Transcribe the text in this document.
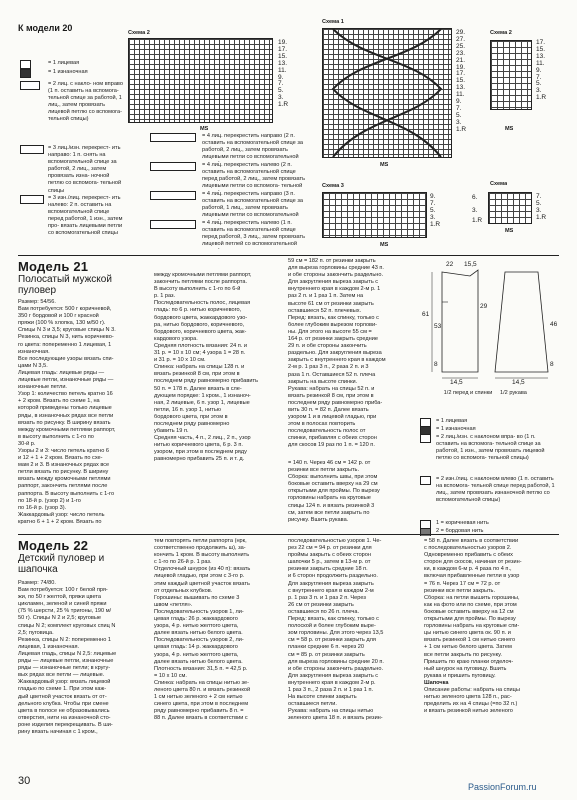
К модели 20
= 1 лицевая
= 1 изнаночная
= 2 лиц. с накло- ном вправо (1 п. оставить на вспомога- тельной спице за работой, 1 лиц., затем провязать лицевой петлю со вспомога- тельной спицы)
= 3 лиц./изн. перекрест- ить направо: 1 п. снять на вспомогательной спице за работой, 2 лиц., затем провязать изна- ночной петлю со вспомога- тельной спицы
= 3 изн./лиц. перекрест- ить налево: 2 п. оставить на вспомогательной спице перед работой, 1 изн., затем про- вязать лицевыми петли со вспомогательной спицы
Схема 2
19.
17.
15.
13.
11.
9.
7.
5.
3.
1.R
MS
= 4 лиц. перекрестить направо (2 п. оставить на вспомогательной спице за работой, 2 лиц., затем провязать лицевыми петли со вспомогательной
= 4 лиц. перекрестить налево (2 п. оставить на вспомогательной спице перед работой, 2 лиц., затем провязать лицевыми петли со вспомога- тельной
= 4 лиц. перекрестить направо (3 п. оставить на вспомогательной спице за работой, 1 лиц., затем провязать лицевыми петли со вспомогательной
= 4 лиц. перекрестить налево (1 п. оставить на вспомогательной спице перед работой, 3 лиц., затем провязать лицевой петлей со вспомогательной
Схема 1
29.
27.
25.
23.
21.
19.
17.
15.
13.
11.
9.
7.
5.
3.
1.R
MS
Схема 2
17.
15.
13.
11.
9.
7.
5.
3.
1.R
MS
Схема 3
9.
7.
5.
3.
1.R
MS
Схема
6.
3.
1.R
7.
5.
3.
1.R
MS
Модель 21
Полосатый мужской пуловер
Размер: 54/56.
Вам потребуется: 500 г коричневой,
350 г бордовой и 100 г красной
пряжи (100 % хлопка, 130 м/50 г).
Спицы N 3 и 3,5; круговые спицы N 3.
Резинка, спицы N 3, нить коричнево-
го цвета: попеременно 1 лицевая, 1
изнаночная.
Все последующие узоры вязать спи-
цами N 3,5.
Лицевая гладь: лицевые ряды —
лицевые петли, изнаночные ряды —
изнаночные петли.
Узор 1: количество петель кратно 16
+ 2 кром. Вязать по схеме 1, на
которой приведены только лицевые
ряды, в изнаночных рядах все петли
вязать по рисунку. В ширину вязать
между кромочными петлями раппорт,
в высоту выполнить с 1-го по
30-й р.
Узоры 2 и 3: число петель кратно 6
и 12 + 1 + 2 кром. Вязать по схе-
мам 2 и 3. В изнаночных рядах все
петли вязать по рисунку. В ширину
вязать между кромочными петлями
раппорт, закончить петлями после
раппорта. В высоту выполнить с 1-го
по 18-й р. (узор 2) и 1-го
по 16-й р. (узор 3).
Жаккардовый узор: число петель
кратно 6 + 1 + 2 кром. Вязать по
между кромочными петлями раппорт,
закончить петлями после раппорта.
В высоту выполнить с 1-го по 6-й
р. 1 раз.
Последовательность полос, лицевая
гладь: по 6 р. нитью коричневого,
бордового цвета, жаккардового узо-
ра, нитью бордового, коричневого,
бордового, коричневого цвета, жак-
кардового узора.
Средняя плотность вязания: 24 п. и
31 р. = 10 x 10 см; 4 узора 1 = 28 п.
и 31 р. = 10 x 10 см.
Спинка: набрать на спицы 128 п. и
вязать резинкой 8 см, при этом в
последнем ряду равномерно прибавить
50 п. = 178 п. Далее вязать в сле-
дующем порядке: 1 кром., 1 изнаноч-
ная, 2 лицевые, 6 п. узор 1, лицевые
петли, 16 п. узор 1, нитью
бордового цвета, при этом в
последнем ряду равномерно
убавить 19 п.
Средняя часть, 4 п., 2 лиц., 2 п., узор
нитью коричневого цвета, 6 р. 3 п.
узором, при этом в последнем ряду
равномерно прибавить 25 п. и т. д.
59 см = 182 п. от резинки закрыть
для выреза горловины средние 43 п.
и обе стороны закончить раздельно.
Для закругления выреза закрыть с
внутреннего края в каждом 2-м р. 1
раз 2 п. и 1 раз 1 п. Затем на
высоте 61 см от резинки закрыть
оставшиеся 52 п. плечевых.
Перед: вязать, как спинку, только с
более глубоким вырезом горлови-
ны. Для этого на высоте 55 см =
164 р. от резинки закрыть средние
29 п. и обе стороны закончить
раздельно. Для закругления выреза
закрыть с внутреннего края в каждом
2-м р. 1 раз 3 п., 2 раза 2 п. и 3
раза 1 п. Оставшиеся 52 п. плеча
закрыть на высоте спинки.
Рукава: набрать на спицы 52 п. и
вязать резинкой 8 см, при этом в
последнем ряду равномерно приба-
вить 30 п. = 82 п. Далее вязать
узором 1 и в лицевой гладью, при
этом в полосах повторить
последовательность полос от
спинки, прибавляя с обеих сторон
для скосов 19 раз по 1 п. = 120 п.
22 15,5
61
53
29
8
46
8
14,5	14,5
1/2 перед и спинки	1/2 рукава
= 1 лицевая
= 1 изнаночная
= 2 лиц./изн. с наклоном впра- во (1 п. оставить на вспомога- тельной спице за работой, 1 изн., затем провязать лицевой петлю со вспомога- тельной спицы)
= 2 изн./лиц. с наклоном влево (1 п. оставить на вспомога- тельной спице перед работой, 1 лиц., затем провязать изнаночной петлю со вспомогательной спицы)
1 = коричневая нить
2 = бордовая нить
= 140 п. Через 46 см = 142 р. от
резинки все петли закрыть.
Сборка: выполнить швы, при этом
боковые оставить вверху на 29 см
открытыми для проймы. По вырезу
горловины набрать на круговые
спицы 124 п. и вязать резинкой 3
см, затем все петли закрыть по
рисунку. Вшить рукава.
Модель 22
Детский пуловер и шапочка
Размер: 74/80.
Вам потребуется: 100 г белой пря-
жи, по 50 г желтой, пряжи цвета
цикламен, зеленой и синей пряжи
(75 % шерсти, 25 % тригоны, 190 м/
50 г). Спицы N 2 и 2,5; круговые
спицы N 2; комплект круговых спиц N
2,5; пуговица.
Резинка, спицы N 2: попеременно 1
лицевая, 1 изнаночная.
Лицевая гладь, спицы N 2,5: лицевые
ряды — лицевые петли, изнаночные
ряды — изнаночные петли; в кругу-
вых рядах все петли — лицевые.
Жаккардовый узор: вязать лицевой
гладью по схеме 1. При этом каж-
дый цветной участок вязать от от-
дельного клубка. Чтобы при смене
цвета в полосе не образовывались
отверстия, нити на изнаночной сто-
роне изделия перекрещивать. В ши-
рину вязать начиная с 1 кром.,
тем повторять петли раппорта (нрк,
соответственно продолжить ш), за-
кончить 1 кром. В высоту выполнить
с 1-го по 26-й р. 1 раз.
Отделочный шнурок (из 40 п): вязать
лицевой гладью, при этом с 3-го р.
этим каждый цветной участок вязать
от отдельных клубков.
Горошины: вышивать по схеме 3
швом «петля».
Последовательность узоров 1, ли-
цевая гладь: 26 р. жаккардового
узора, 4 р. нитью желтого цвета,
далее вязать нитью белого цвета.
Последовательность узоров 2, ли-
цевая гладь: 14 р. жаккардового
узора, 4 р. нитью желтого цвета,
далее вязать нитью белого цвета.
Плотность вязания: 31,5 п. = 42,5 р.
= 10 x 10 см.
Спинка: набрать на спицы нитью зе-
леного цвета 80 п. и вязать резинкой
1 см нитью зеленого + 2 см нитью
синего цвета, при этом в последнем
ряду равномерно прибавить 8 п. =
88 п. Далее вязать в соответствии с
последовательностью узоров 1. Че-
рез 22 см = 94 р. от резинки для
проймы закрыть с обеих сторон
шапочки 5 р., затем в 13-м р. от
резинки закрыть средние 18 п.
и 6 сторон продолжить раздельно.
Для закругления выреза закрыть
с внутреннего края в каждом 2-м
р. 1 раз 3 п. и 1 раз 2 п. Через
26 см от резинки закрыть
оставшиеся по 26 п. плеча.
Перед: вязать, как спинку, только с
полоской и более глубоким выре-
зом горловины. Для этого через 13,5
см = 58 р. от резинки закрыть для
планки средние 6 п. через 20
см = 85 р. от резинки закрыть
для выреза горловины средние 20 п.
и обе стороны закончить раздельно.
Для закругления выреза закрыть с
внутреннего края в каждом 2-м р.
1 раз 3 п., 2 раза 2 п. и 1 раз 1 п.
На высоте спинки закрыть
оставшиеся петли.
Рукава: набрать на спицы нитью
зеленого цвета 18 п. и вязать резин-
= 58 п. Далее вязать в соответствии
с последовательностью узоров 2.
Одновременно прибавить с обеих
сторон для скосов, начиная от резин-
ки, в каждом 6-м р. 4 раза по 4 п.,
включая прибавленные петли в узор
= 76 п. Через 17 см = 72 р. от
резинки все петли закрыть.
Сборка: на петли вышить горошины,
как на фото или по схеме, при этом
боковые оставить вверху на 12 см
открытыми для проймы. По вырезу
горловины набрать на круговые спи-
цы нитью синего цвета ок. 90 п. и
вязать резинкой 1 см нитью синего
+ 1 см нитью белого цвета. Затем
все петли закрыть по рисунку.
Пришить по краю планки отделоч-
ный шнурок на пуговицу. Вшить
рукава и пришить пуговицу.
Шапочка
Описание работы: набрать на спицы
нитью зеленого цвета 128 п., рас-
пределить их на 4 спицы (=по 32 п.)
и вязать резинкой нитью зеленого
30	PassionForum.ru
